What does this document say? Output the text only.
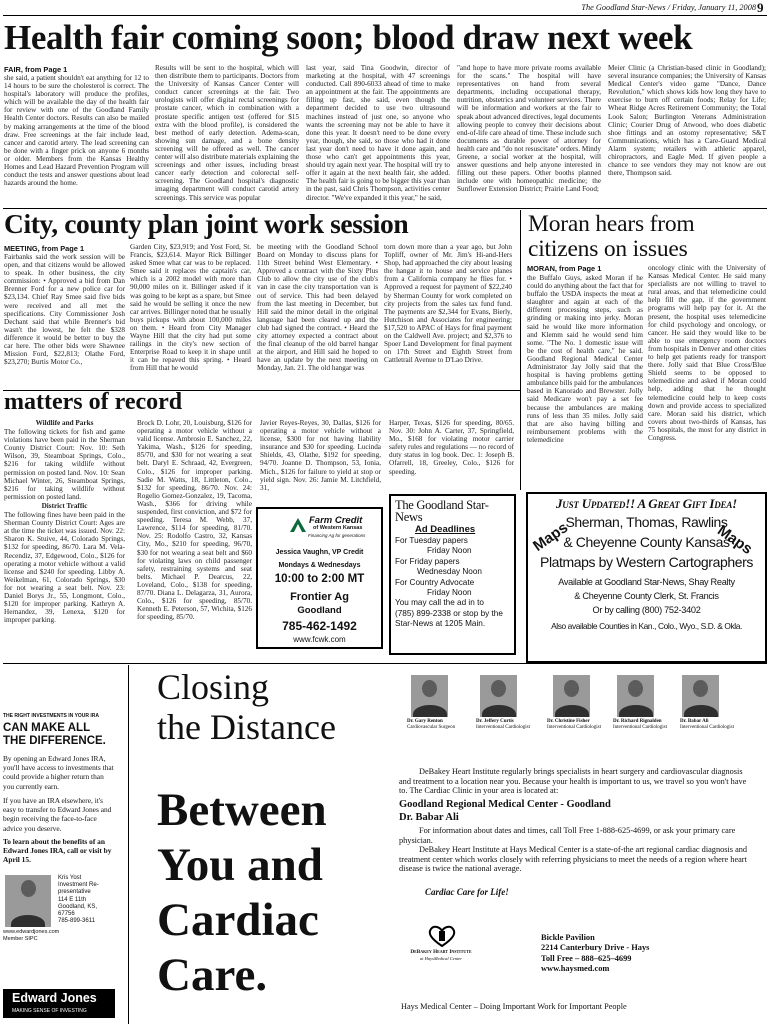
The Goodland Star-News / Friday, January 11, 2008 9
Health fair coming soon; blood draw next week
FAIR, from Page 1
she said, a patient shouldn't eat anything for 12 to 14 hours to be sure the cholesterol is correct. The hospital's laboratory will produce the profiles, which will be available the day of the health fair for review with one of the Goodland Family Health Center doctors. Results can also be mailed by making arrangements at the time of the blood draw. Free screenings at the fair include lead, cancer and carotid artery. The lead screening can be done with a finger prick on anyone 6 months or older. Members from the Kansas Healthy Homes and Lead Hazard Prevention Program will conduct the tests and answer questions about lead hazards around the home.
Results will be sent to the hospital, which will then distribute them to participants. Doctors from the University of Kansas Cancer Center will conduct cancer screenings at the fair. Two urologists will offer digital rectal screenings for prostate cancer, which in combination with a prostate specific antigen test (offered for $15 extra with the blood profile), is considered the best method of early detection. Adema-scan, showing sun damage, and a bone density screening will be offered as well. The cancer center will also distribute materials explaining the screenings and other issues, including breast cancer early detection and colorectal self-screening. The Goodland hospital's diagnostic imaging department will conduct carotid artery screenings. This service was popular
last year, said Tina Goodwin, director of marketing at the hospital, with 47 screenings conducted. Call 890-6033 ahead of time to make an appointment at the fair. The appointments are filling up fast, she said, even though the department decided to use two ultrasound machines instead of just one, so anyone who wants the screening may not be able to have it done this year. It doesn't need to be done every year, though, she said, so those who had it done last year don't need to have it done again, and those who can't get appointments this year, should try again next year. The hospital will try to offer it again at the next health fair, she added. The health fair is going to be bigger this year than in the past, said Chris Thompson, activities center director. "We've expanded it this year," he said,
"and hope to have more private rooms available for the scans." The hospital will have representatives on hand from several departments, including occupational therapy, nutrition, obstetrics and volunteer services. There will be information and workers at the fair to speak about advanced directives, legal documents allowing people to convey their decisions about end-of-life care ahead of time. These include such documents as durable power of attorney for health care and "do not resuscitate" orders. Mindy Greene, a social worker at the hospital, will answer questions and help anyone interested in filling out these papers. Other booths planned include one with homeopathic medicine; the Sunflower Extension District; Prairie Land Food;
Meier Clinic (a Christian-based clinic in Goodland); several insurance companies; the University of Kansas Medical Center's video game "Dance, Dance Revolution," which shows kids how long they have to exercise to burn off certain foods; Relay for Life; Wheat Ridge Acres Retirement Community; the Total Look Salon; Burlington Veterans Administration Clinic; Courier Drug of Atwood, who does diabetic shoe fittings and an ostomy representative; S&T Communications, which has a Care-Guard Medical Alarm system; retailers with athletic apparel, chiropractors, and Eagle Med. If given people a chance to see vendors they may not know are out there, Thompson said.
City, county plan joint work session
MEETING, from Page 1
Fairbanks said the work session will be open, and that citizens would be allowed to speak. In other business, the city commission: • Approved a bid from Dan Brenner Ford for a new police car for $23,134. Chief Ray Smee said five bids were received and all met the specifications. City Commissioner Josh Dechant said that while Brenner's bid wasn't the lowest, he felt the $328 difference it would be better to buy the car here. The other bids were Shawnee Mission Ford, $22,813; Olathe Ford, $23,270; Burtis Motor Co.,
Garden City, $23,919; and Yost Ford, St. Francis, $23,614. Mayor Rick Billinger asked Smee what car was to be replaced. Smee said it replaces the captain's car, which is a 2002 model with more than 90,000 miles on it. Billinger asked if it was going to be kept as a spare, but Smee said he would be selling it once the new car arrives. Billinger noted that he usually buys pickups with about 100,000 miles on them. • Heard from City Manager Wayne Hill that the city had put some railings in the city's new section of Enterprise Road to keep it in shape until it can be repaved this spring. • Heard from Hill that he would
be meeting with the Goodland School Board on Monday to discuss plans for 11th Street behind West Elementary. • Approved a contract with the Sixty Plus Club to allow the city use of the club's van in case the city transportation van is out of service. This had been delayed from the last meeting in December, but Hill said the minor detail in the original language had been cleared up and the club had signed the contract. • Heard the city attorney expected a contract about the final cleanup of the old barrel hangar at the airport, and Hill said he hoped to have an update by the next meeting on Monday, Jan. 21. The old hangar was
torn down more than a year ago, but John Topliff, owner of Mr. Jim's Hi-and-Hers Shop, had approached the city about leasing the hangar it to house and service planes from a California company he flies for. • Approved a request for payment of $22,240 by Sherman County for work completed on city projects from the sales tax fund fund. The payments are $2,344 for Evans, Bierly, Hutchison and Associates for engineering; $17,520 to APAC of Hays for final payment on the Caldwell Ave. project; and $2,376 to Spoer Land Development for final payment on 17th Street and Eighth Street from Cattletrail Avenue to D'Lao Drive.
Moran hears from citizens on issues
MORAN, from Page 1
the Buffalo Guys, asked Moran if he could do anything about the fact that for buffalo the USDA inspects the meat at slaughter and again at each of the different processing steps, such as grinding or making into jerky. Moran said he would like more information and Klemm said he would send him some. "The No. 1 domestic issue will be the cost of health care," he said. Goodland Regional Medical Center Administrator Jay Jolly said that the hospital is having problems getting ambulance bills paid for the ambulances based in Kanorado and Brewster. Jolly said Medicare won't pay a set fee because the ambulances are making runs of less than 35 miles. Jolly said that are also having billing and reimbursement problems with the telemedicine
oncology clinic with the University of Kansas Medical Center. He said many specialists are not willing to travel to rural areas, and that telemedicine could help fill the gap, if the government programs will help pay for it. At the present, the hospital uses telemedicine for child psychology and oncology, or cancer. He said they would like to be able to use emergency room doctors from hospitals in Denver and other cities to help get patients ready for transport there. Jolly said that Blue Cross/Blue Shield seems to be opposed to telemedicine and asked if Moran could help, adding that he thought telemedicine could help to keep costs down and provide access to specialized care. Moran said his district, which covers about two-thirds of Kansas, has 75 hospitals, the most for any district in Congress.
matters of record

Wildlife and Parks

The following tickets for fish and game violations have been paid in the Sherman County District Court: Nov. 10: Seth Wilson, 39, Steamboat Springs, Colo., $216 for taking wildlife without permission on posted land. Nov. 10: Sean Michael Winter, 26, Steamboat Springs, $216 for taking wildlife without permission on posted land.

District Traffic

The following fines have been paid in the Sherman County District Court: Ages are at the time the ticket was issued. Nov. 22: Sharon K. Stuive, 44, Colorado Springs, $132 for speeding, 86/70. Lara M. Vela-Recendiz, 37, Edgewood, Colo., $126 for operating a motor vehicle without a valid license and $240 for speeding. Libby A. Weikelman, 61, Colorado Springs, $30 for not wearing a seat belt. Nov. 23: Daniel Borys Jr., 55, Longmont, Colo., $120 for improper parking. Kathryn A. Hernandez, 39, Lenexa, $120 for improper parking.

Brock D. Lohr, 20, Louisburg, $126 for operating a motor vehicle without a valid license. Ambrosio E. Sanchez, 22, Yakima, Wash., $126 for speeding, 85/70, and $30 for not wearing a seat belt. Daryl E. Schraad, 42, Evergreen, Colo., $126 for improper parking. Sadie M. Watts, 18, Littleton, Colo., $132 for speeding, 86/70. Nov. 24: Rogelio Gomez-Gonzalez, 19, Tacoma, Wash., $366 for driving while suspended, first conviction, and $72 for speeding. Teresa M. Webb, 37, Lawrence, $114 for speeding, 81/70. Nov. 25: Rodolfo Castro, 32, Kansas City, Mo., $210 for speeding, 96/70, $30 for not wearing a seat belt and $60 for violating laws on child passenger safety, restraining systems and seat belts. Michael P. Dearcus, 22, Loveland, Colo., $138 for speeding, 87/70. Diana L. Delagarza, 31, Aurora, Colo., $126 for speeding, 85/70. Kenneth E. Peterson, 57, Wichita, $126 for speeding, 85/70.
Javier Reyes-Reyes, 30, Dallas, $126 for operating a motor vehicle without a license, $300 for not having liability insurance and $30 for speeding. Lucinda Shields, 43, Olathe, $192 for speeding, 94/70. Joanne D. Thompson, 53, Ionia, Mich., $126 for failure to yield at stop or yield sign. Nov. 26: Jamie M. Litchfield, 31,
Harper, Texas, $126 for speeding, 80/65. Nov. 30: John A. Carter, 37, Springfield, Mo., $168 for violating motor carrier safety rules and regulations — no record of duty status in log book. Dec. 1: Joseph B. Ofarrell, 18, Greeley, Colo., $126 for speeding.
Farm Credit
of Western Kansas
Financing Ag for generations
Jessica Vaughn, VP Credit
Mondays & Wednesdays
10:00 to 2:00 MT
Frontier Ag
Goodland
785-462-1492
www.fcwk.com
The Goodland Star-News
Ad Deadlines
For Tuesday papers
Friday Noon
For Friday papers
Wednesday Noon
For Country Advocate
Friday Noon
You may call the ad in to
(785) 899-2338 or stop by the
Star-News at 1205 Main.
Just Updated!! A Great Gift Idea!
Maps	Maps
Sherman, Thomas, Rawlins
& Cheyenne County Kansas
Platmaps by Western Cartographers
Available at Goodland Star-News, Shay Realty
& Cheyenne County Clerk, St. Francis
Or by calling (800) 752-3402
Also available Counties in Kan., Colo., Wyo., S.D. & Okla.
THE RIGHT INVESTMENTS IN YOUR IRA
CAN MAKE ALL THE DIFFERENCE.
By opening an Edward Jones IRA, you'll have access to investments that could provide a higher return than you currently earn.
If you have an IRA elsewhere, it's easy to transfer to Edward Jones and begin receiving the face-to-face advice you deserve.
To learn about the benefits of an Edward Jones IRA, call or visit by April 15.
Kris Yost
Investment Re-
presentative
114 E 11th
Goodland, KS,
67756
785-899-3611
www.edwardjones.com
Member SIPC
Edward Jones
MAKING SENSE OF INVESTING
Closing
the Distance
Between
You and
Cardiac
Care.
Dr. Gary Renton
Cardiovascular Surgeon
Dr. Jeffery Curtis
Interventional Cardiologist
Dr. Christine Fisher
Interventional Cardiologist
Dr. Richard Rignalden
Interventional Cardiologist
Dr. Babar Ali
Interventional Cardiologist
DeBakey Heart Institute regularly brings specialists in heart surgery and cardiovascular diagnosis and treatment to a location near you. Because your health is important to us, we travel so you won't have to. The Cardiac Clinic in your area is located at:
Goodland Regional Medical Center - Goodland
Dr. Babar Ali
For information about dates and times, call Toll Free 1-888-625-4699, or ask your primary care physician.
DeBakey Heart Institute at Hays Medical Center is a state-of-the art regional cardiac diagnosis and treatment center which works closely with referring physicians to meet the needs of a region where heart disease is twice the national average.
Cardiac Care for Life!
DeBakey Heart Institute
at HaysMedical Center
Bickle Pavilion
2214 Canterbury Drive - Hays
Toll Free – 888–625–4699
www.haysmed.com
Hays Medical Center – Doing Important Work for Important People
